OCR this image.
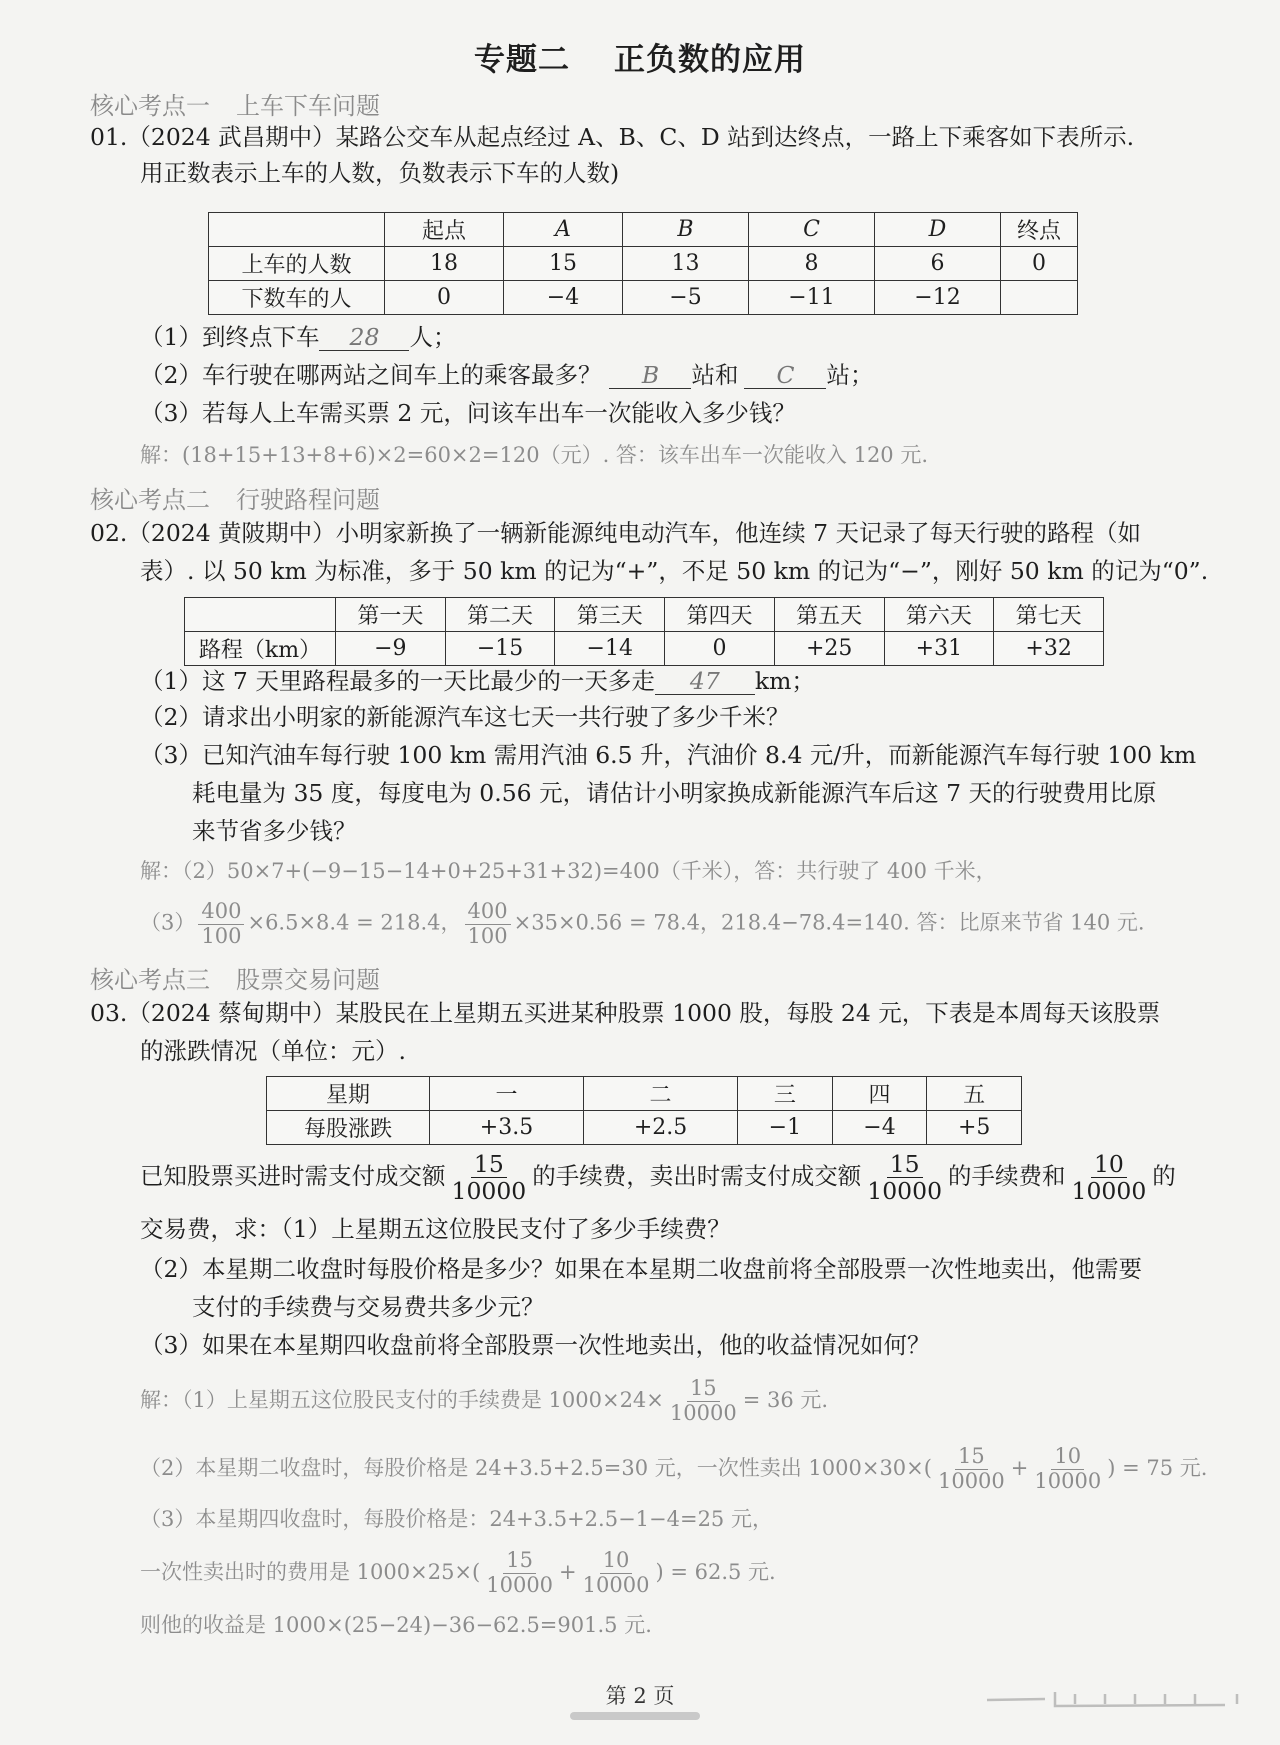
专题二 正负数的应用
核心考点一 上车下车问题
01.（2024 武昌期中）某路公交车从起点经过 A、B、C、D 站到达终点，一路上下乘客如下表所示.
用正数表示上车的人数，负数表示下车的人数)
	起点	A	B	C	D	终点
上车的人数	18	15	13	8	6	0
下数车的人	0	−4	−5	−11	−12	
（1）到终点下车 28 人；
（2）车行驶在哪两站之间车上的乘客最多？ B 站和 C 站；
（3）若每人上车需买票 2 元，问该车出车一次能收入多少钱？
解：(18+15+13+8+6)×2=60×2=120（元）. 答：该车出车一次能收入 120 元.
核心考点二 行驶路程问题
02.（2024 黄陂期中）小明家新换了一辆新能源纯电动汽车，他连续 7 天记录了每天行驶的路程（如
表）. 以 50 km 为标准，多于 50 km 的记为“+”，不足 50 km 的记为“−”，刚好 50 km 的记为“0”.
	第一天	第二天	第三天	第四天	第五天	第六天	第七天
路程（km）	−9	−15	−14	0	+25	+31	+32
（1）这 7 天里路程最多的一天比最少的一天多走 47 km；
（2）请求出小明家的新能源汽车这七天一共行驶了多少千米？
（3）已知汽油车每行驶 100 km 需用汽油 6.5 升，汽油价 8.4 元/升，而新能源汽车每行驶 100 km
耗电量为 35 度，每度电为 0.56 元，请估计小明家换成新能源汽车后这 7 天的行驶费用比原
来节省多少钱？
解：（2）50×7+(−9−15−14+0+25+31+32)=400（千米），答：共行驶了 400 千米，
$(3) \frac{400}{100} \times 6.5\times 8.4 = 218.4$， $\frac{400}{100} \times 35\times 0.56 = 78.4$，218.4−78.4=140. 答：比原来节省 140 元.
核心考点三 股票交易问题
03.（2024 蔡甸期中）某股民在上星期五买进某种股票 1000 股，每股 24 元，下表是本周每天该股票
的涨跌情况（单位：元）.
星期	一	二	三	四	五
每股涨跌	+3.5	+2.5	−1	−4	+5
已知股票买进时需支付成交额 $\frac{15}{10000}$ 的手续费，卖出时需支付成交额 $\frac{15}{10000}$ 的手续费和 $\frac{10}{10000}$ 的
交易费，求：（1）上星期五这位股民支付了多少手续费？
（2）本星期二收盘时每股价格是多少？如果在本星期二收盘前将全部股票一次性地卖出，他需要
支付的手续费与交易费共多少元？
（3）如果在本星期四收盘前将全部股票一次性地卖出，他的收益情况如何？
解：（1）上星期五这位股民支付的手续费是 $1000\times 24\times \frac{15}{10000} = 36$ 元.
（2）本星期二收盘时，每股价格是 24+3.5+2.5=30 元，一次性卖出 $1000\times 30\times( \frac{15}{10000} + \frac{10}{10000}$ ) = 75 元.
（3）本星期四收盘时，每股价格是：24+3.5+2.5−1−4=25 元，
一次性卖出时的费用是 $1000\times 25\times( \frac{15}{10000} + \frac{10}{10000}$ ) = 62.5 元.
则他的收益是 1000×(25−24)−36−62.5=901.5 元.
第 2 页
